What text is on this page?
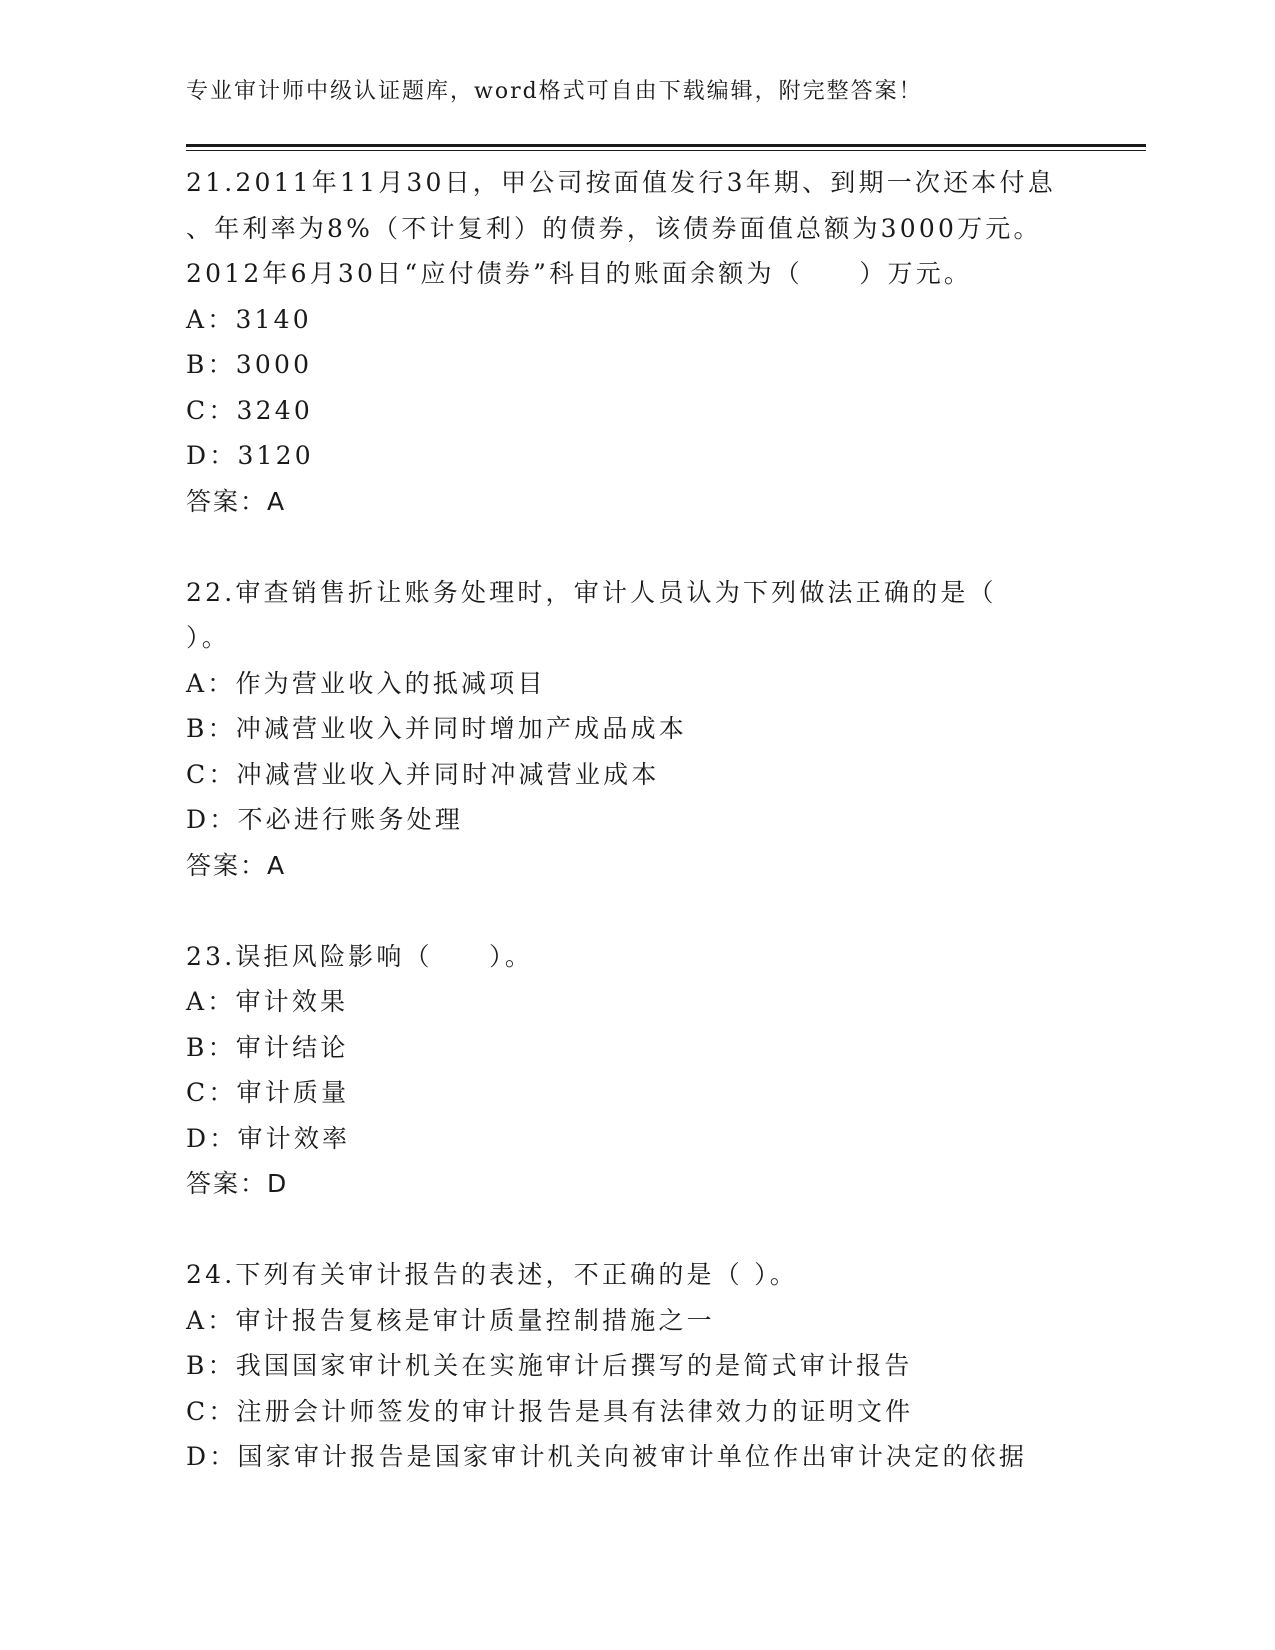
专业审计师中级认证题库，word格式可自由下载编辑，附完整答案！
21.2011年11月30日，甲公司按面值发行3年期、到期一次还本付息
、年利率为8%（不计复利）的债券，该债券面值总额为3000万元。
2012年6月30日“应付债券”科目的账面余额为（　　）万元。
A：3140
B：3000
C：3240
D：3120
答案：A
22.审查销售折让账务处理时，审计人员认为下列做法正确的是（
）。
A：作为营业收入的抵减项目
B：冲减营业收入并同时增加产成品成本
C：冲减营业收入并同时冲减营业成本
D：不必进行账务处理
答案：A
23.误拒风险影响（　　）。
A：审计效果
B：审计结论
C：审计质量
D：审计效率
答案：D
24.下列有关审计报告的表述，不正确的是（ ）。
A：审计报告复核是审计质量控制措施之一
B：我国国家审计机关在实施审计后撰写的是简式审计报告
C：注册会计师签发的审计报告是具有法律效力的证明文件
D：国家审计报告是国家审计机关向被审计单位作出审计决定的依据
